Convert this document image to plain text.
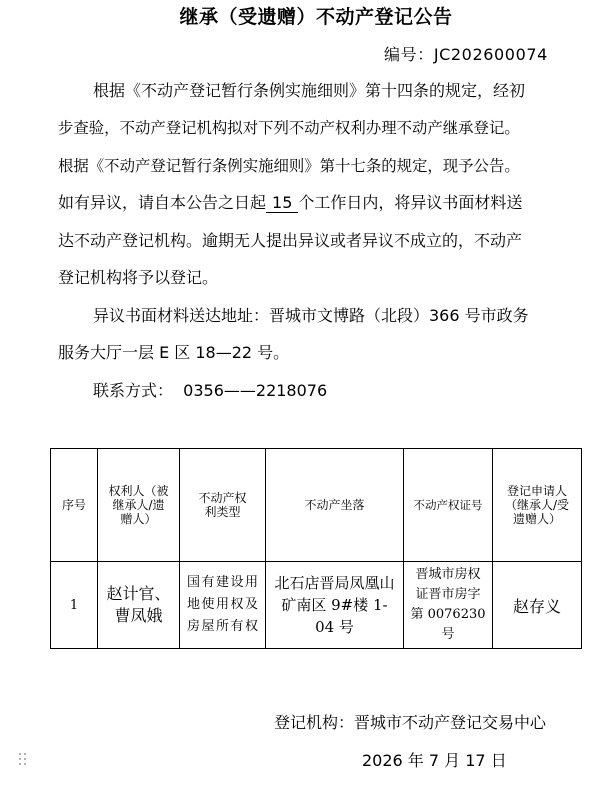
继承（受遗赠）不动产登记公告
编号：JC202600074
根据《不动产登记暂行条例实施细则》第十四条的规定，经初
步查验，不动产登记机构拟对下列不动产权利办理不动产继承登记。
根据《不动产登记暂行条例实施细则》第十七条的规定，现予公告。
如有异议，请自本公告之日起 15 个工作日内，将异议书面材料送
达不动产登记机构。逾期无人提出异议或者异议不成立的，不动产
登记机构将予以登记。
异议书面材料送达地址：晋城市文博路（北段）366 号市政务
服务大厅一层 E 区 18—22 号。
联系方式：  0356——2218076
序号	权利人（被继承人/遗赠人）	不动产权利类型	不动产坐落	不动产权证号	登记申请人（继承人/受遗赠人）
1	赵计官、曹凤娥	国有建设用地使用权及房屋所有权	北石店晋局凤凰山矿南区 9#楼 1-04 号	晋城市房权证晋市房字第 0076230 号	赵存义
登记机构：晋城市不动产登记交易中心
2026 年 7 月 17 日
